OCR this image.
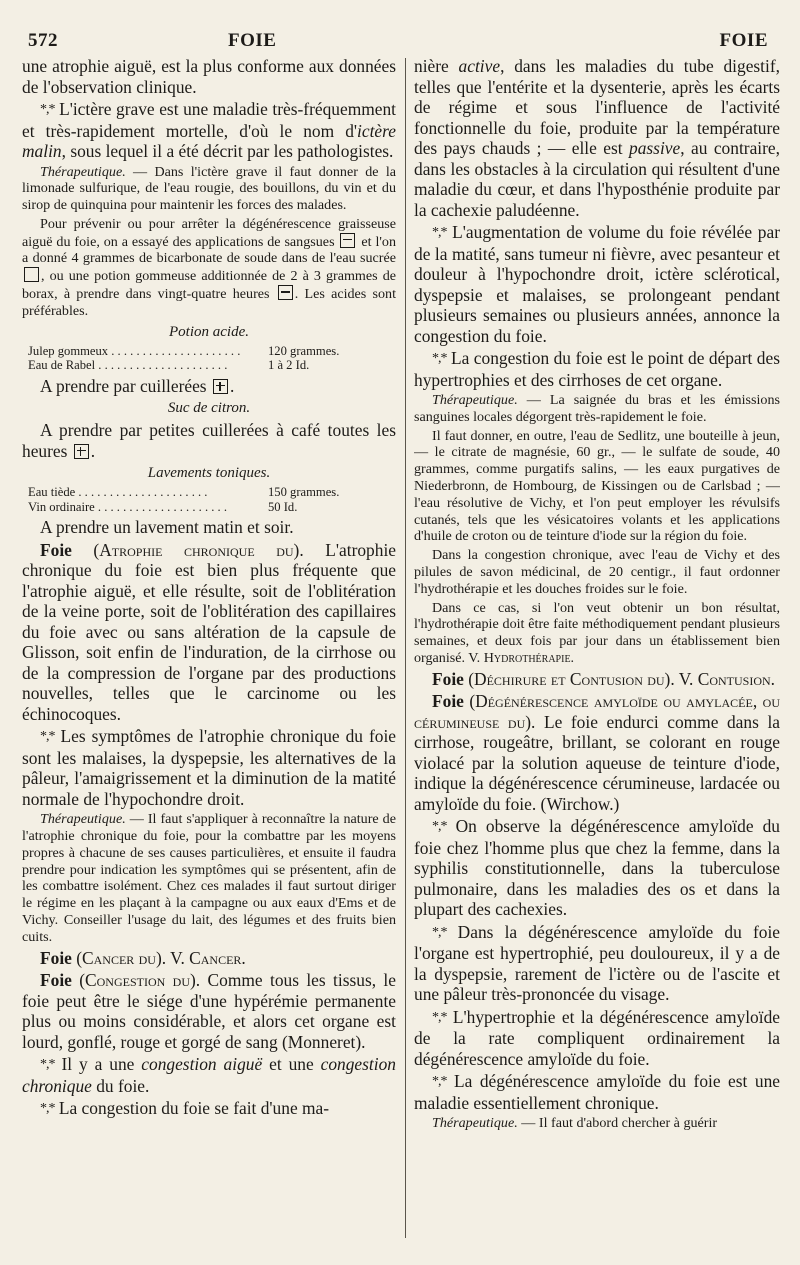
572	FOIE	FOIE

une atrophie aiguë, est la plus conforme aux données de l'observation clinique.

*,* L'ictère grave est une maladie très-fréquemment et très-rapidement mortelle, d'où le nom d'ictère malin, sous lequel il a été décrit par les pathologistes.

Thérapeutique. — Dans l'ictère grave il faut donner de la limonade sulfurique, de l'eau rougie, des bouillons, du vin et du sirop de quinquina pour maintenir les forces des malades.

Pour prévenir ou pour arrêter la dégénérescence graisseuse aiguë du foie, on a essayé des applications de sangsues et l'on a donné 4 grammes de bicarbonate de soude dans de l'eau sucrée , ou une potion gommeuse additionnée de 2 à 3 grammes de borax, à prendre dans vingt-quatre heures . Les acides sont préférables.

Potion acide.

Julep gommeux . . .	120 grammes.
Eau de Rabel . . .	1 à 2 Id.

A prendre par cuillerées .

Suc de citron.

A prendre par petites cuillerées à café toutes les heures .

Lavements toniques.

Eau tiède . . .	150 grammes.
Vin ordinaire . . .	50 Id.

A prendre un lavement matin et soir.

Foie (Atrophie chronique du). L'atrophie chronique du foie est bien plus fréquente que l'atrophie aiguë, et elle résulte, soit de l'oblitération de la veine porte, soit de l'oblitération des capillaires du foie avec ou sans altération de la capsule de Glisson, soit enfin de l'induration, de la cirrhose ou de la compression de l'organe par des productions nouvelles, telles que le carcinome ou les échinocoques.

*,* Les symptômes de l'atrophie chronique du foie sont les malaises, la dyspepsie, les alternatives de la pâleur, l'amaigrissement et la diminution de la matité normale de l'hypochondre droit.

Thérapeutique. — Il faut s'appliquer à reconnaître la nature de l'atrophie chronique du foie, pour la combattre par les moyens propres à chacune de ses causes particulières, et ensuite il faudra prendre pour indication les symptômes qui se présentent, afin de les combattre isolément. Chez ces malades il faut surtout diriger le régime en les plaçant à la campagne ou aux eaux d'Ems et de Vichy. Conseiller l'usage du lait, des légumes et des fruits bien cuits.

Foie (Cancer du). V. Cancer.

Foie (Congestion du). Comme tous les tissus, le foie peut être le siége d'une hypérémie permanente plus ou moins considérable, et alors cet organe est lourd, gonflé, rouge et gorgé de sang (Monneret).

*,* Il y a une congestion aiguë et une congestion chronique du foie.

*,* La congestion du foie se fait d'une ma-

nière active, dans les maladies du tube digestif, telles que l'entérite et la dysenterie, après les écarts de régime et sous l'influence de l'activité fonctionnelle du foie, produite par la température des pays chauds ; — elle est passive, au contraire, dans les obstacles à la circulation qui résultent d'une maladie du cœur, et dans l'hyposthénie produite par la cachexie paludéenne.

*,* L'augmentation de volume du foie révélée par de la matité, sans tumeur ni fièvre, avec pesanteur et douleur à l'hypochondre droit, ictère sclérotical, dyspepsie et malaises, se prolongeant pendant plusieurs semaines ou plusieurs années, annonce la congestion du foie.

*,* La congestion du foie est le point de départ des hypertrophies et des cirrhoses de cet organe.

Thérapeutique. — La saignée du bras et les émissions sanguines locales dégorgent très-rapidement le foie.

Il faut donner, en outre, l'eau de Sedlitz, une bouteille à jeun, — le citrate de magnésie, 60 gr., — le sulfate de soude, 40 grammes, comme purgatifs salins, — les eaux purgatives de Niederbronn, de Hombourg, de Kissingen ou de Carlsbad ; — l'eau résolutive de Vichy, et l'on peut employer les révulsifs cutanés, tels que les vésicatoires volants et les applications d'huile de croton ou de teinture d'iode sur la région du foie.

Dans la congestion chronique, avec l'eau de Vichy et des pilules de savon médicinal, de 20 centigr., il faut ordonner l'hydrothérapie et les douches froides sur le foie.

Dans ce cas, si l'on veut obtenir un bon résultat, l'hydrothérapie doit être faite méthodiquement pendant plusieurs semaines, et deux fois par jour dans un établissement bien organisé. V. Hydrothérapie.

Foie (Déchirure et Contusion du). V. Contusion.

Foie (Dégénérescence amyloïde ou amylacée, ou cérumineuse du). Le foie endurci comme dans la cirrhose, rougeâtre, brillant, se colorant en rouge violacé par la solution aqueuse de teinture d'iode, indique la dégénérescence cérumineuse, lardacée ou amyloïde du foie. (Wirchow.)

*,* On observe la dégénérescence amyloïde du foie chez l'homme plus que chez la femme, dans la syphilis constitutionnelle, dans la tuberculose pulmonaire, dans les maladies des os et dans la plupart des cachexies.

*,* Dans la dégénérescence amyloïde du foie l'organe est hypertrophié, peu douloureux, il y a de la dyspepsie, rarement de l'ictère ou de l'ascite et une pâleur très-prononcée du visage.

*,* L'hypertrophie et la dégénérescence amyloïde de la rate compliquent ordinairement la dégénérescence amyloïde du foie.

*,* La dégénérescence amyloïde du foie est une maladie essentiellement chronique.

Thérapeutique. — Il faut d'abord chercher à guérir
